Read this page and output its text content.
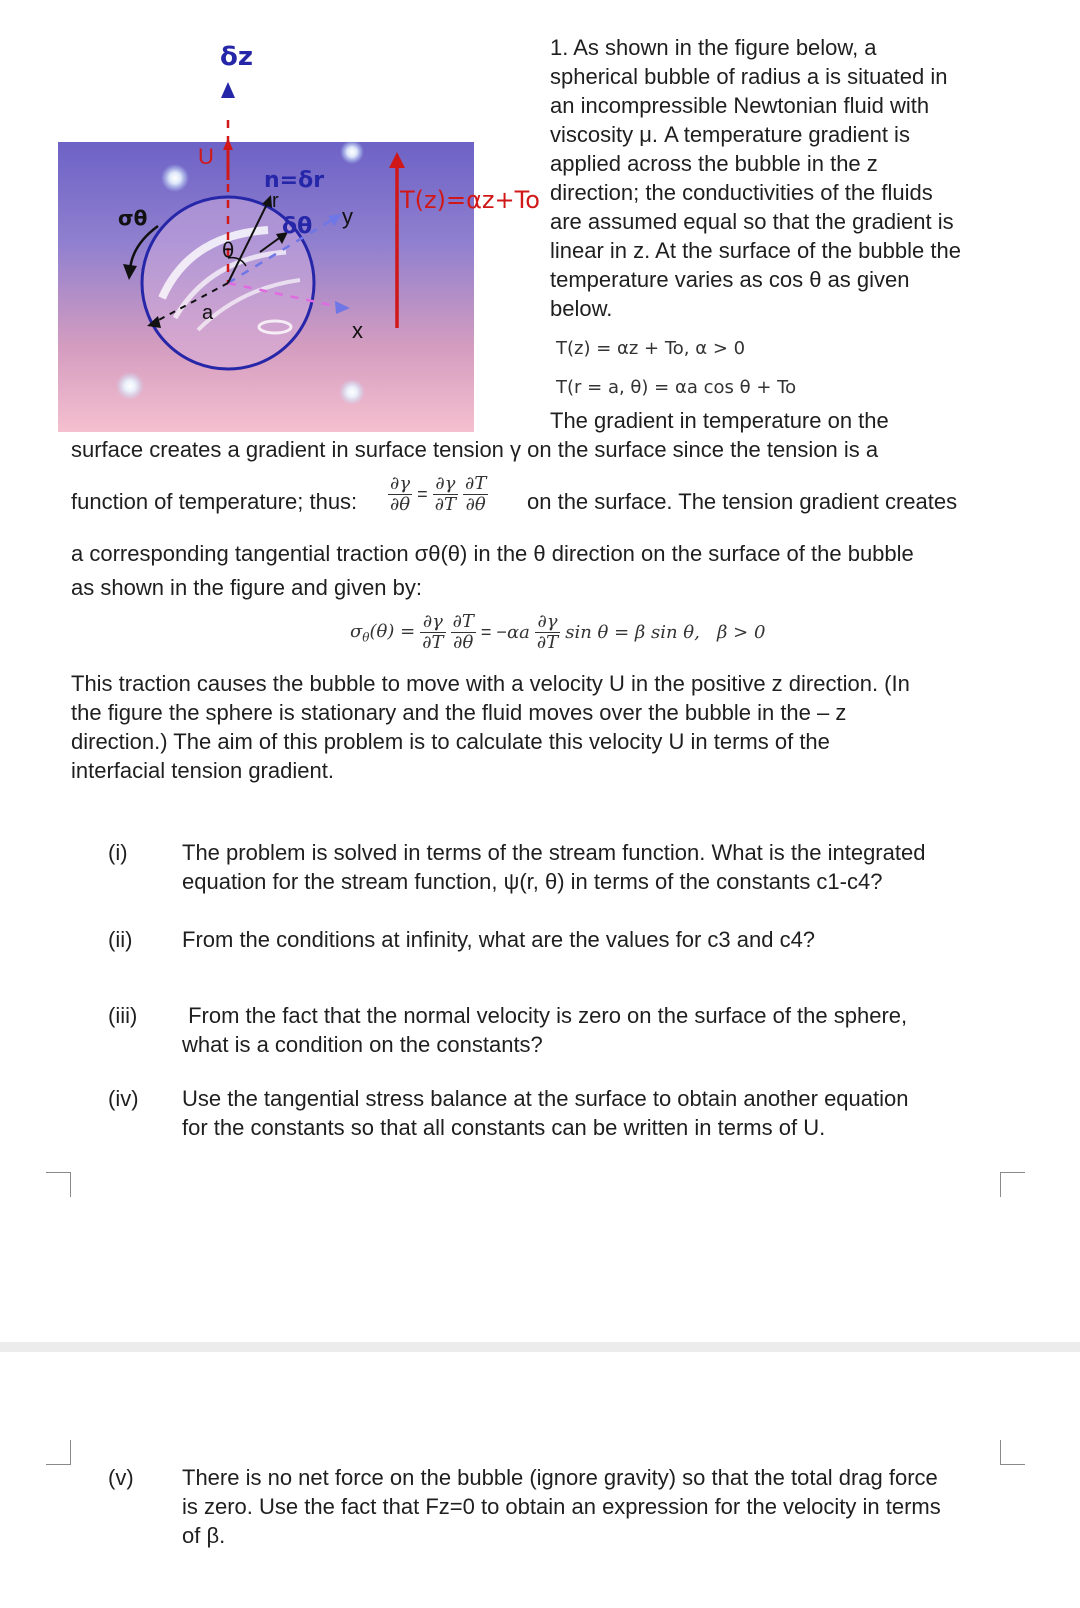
δz
U
n=δr
r
δθ y
x
θ
a
σθ
T(z)=αz+To
1. As shown in the figure below, a
spherical bubble of radius a is situated in
an incompressible Newtonian fluid with
viscosity μ. A temperature gradient is
applied across the bubble in the z
direction; the conductivities of the fluids
are assumed equal so that the gradient is
linear in z. At the surface of the bubble the
temperature varies as cos θ as given
below.
T(z) = αz + To, α > 0
T(r = a, θ) = αa cos θ + To
The gradient in temperature on the
surface creates a gradient in surface tension γ on the surface since the tension is a
function of temperature; thus: $\frac{\partial\gamma}{\partial\theta} = \frac{\partial\gamma}{\partial T}$
$\frac{\partial T}{\partial\theta}$ on the surface. The tension gradient creates
a corresponding tangential traction σθ(θ) in the θ direction on the surface of the bubble
as shown in the figure and given by:
$\sigma_\theta(\theta) = \frac{\partial\gamma}{\partial T}$
$\frac{\partial T}{\partial\theta} = -\alpha a \frac{\partial\gamma}{\partial T}$ sin θ = β sin θ,   β > 0
This traction causes the bubble to move with a velocity U in the positive z direction. (In
the figure the sphere is stationary and the fluid moves over the bubble in the – z
direction.) The aim of this problem is to calculate this velocity U in terms of the
interfacial tension gradient.
(i) The problem is solved in terms of the stream function. What is the integrated
equation for the stream function, ψ(r, θ) in terms of the constants c1-c4?
(ii) From the conditions at infinity, what are the values for c3 and c4?
(iii) From the fact that the normal velocity is zero on the surface of the sphere,
what is a condition on the constants?
(iv) Use the tangential stress balance at the surface to obtain another equation
for the constants so that all constants can be written in terms of U.
(v) There is no net force on the bubble (ignore gravity) so that the total drag force
is zero. Use the fact that Fz=0 to obtain an expression for the velocity in terms
of β.
